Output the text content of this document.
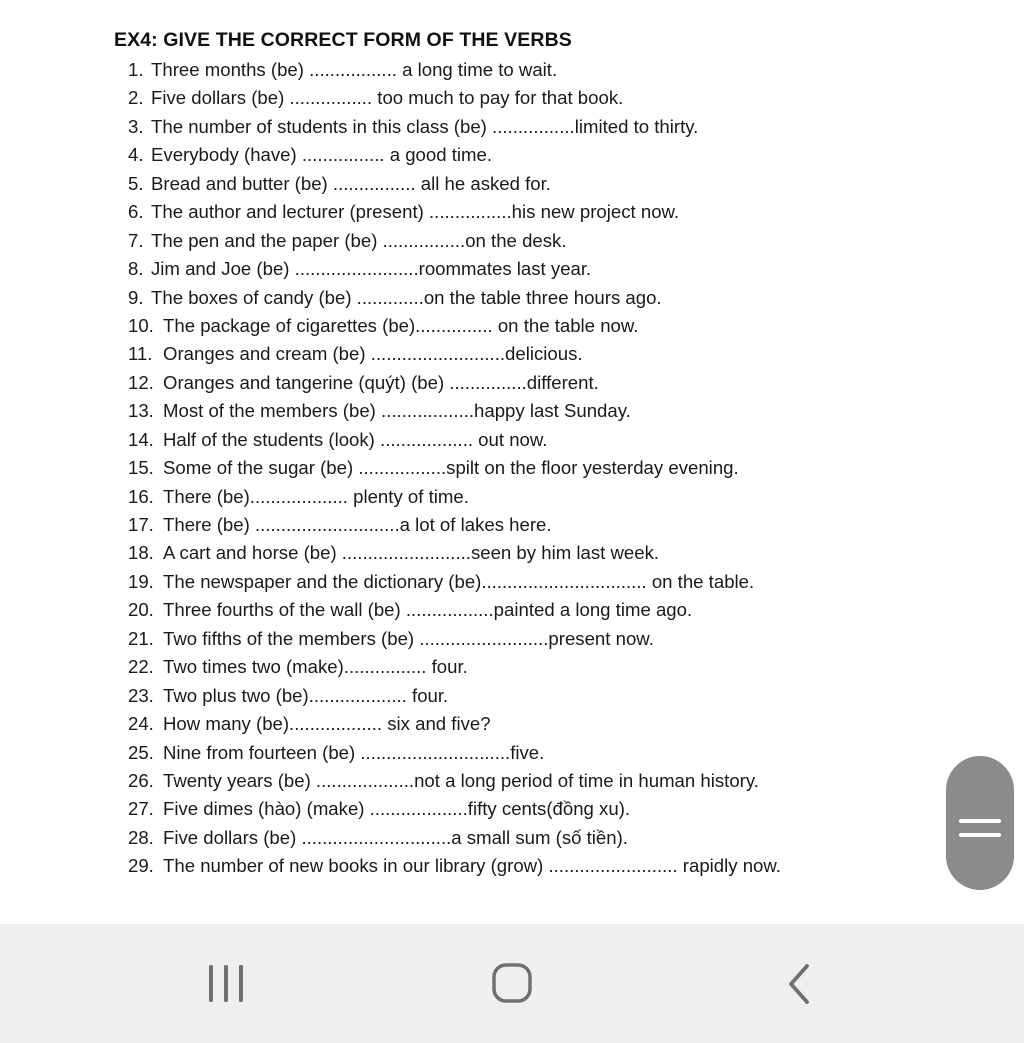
EX4: GIVE THE CORRECT FORM OF THE VERBS
1. Three months (be) ................. a long time to wait.
2. Five dollars (be) ................ too much to pay for that book.
3. The number of students in this class (be) ................limited to thirty.
4. Everybody (have) ................ a good time.
5. Bread and butter (be) ................ all he asked for.
6. The author and lecturer (present) ................his new project now.
7. The pen and the paper (be) ................on the desk.
8. Jim and Joe (be) ........................roommates last year.
9. The boxes of candy (be) .............on the table three hours ago.
10. The package of cigarettes (be)............... on the table now.
11. Oranges and cream (be) ..........................delicious.
12. Oranges and tangerine (quýt) (be) ...............different.
13. Most of the members (be) ..................happy last Sunday.
14. Half of the students (look) .................. out now.
15. Some of the sugar (be) .................spilt on the floor yesterday evening.
16. There (be)................... plenty of time.
17. There (be) ............................a lot of lakes here.
18. A cart and horse (be) .........................seen by him last week.
19. The newspaper and the dictionary (be)................................ on the table.
20. Three fourths of the wall (be) .................painted a long time ago.
21. Two fifths of the members (be) .........................present now.
22. Two times two (make)................ four.
23. Two plus two (be)................... four.
24. How many (be).................. six and five?
25. Nine from fourteen (be) .............................five.
26. Twenty years (be) ...................not a long period of time in human history.
27. Five dimes (hào) (make) ...................fifty cents(đồng xu).
28. Five dollars (be) .............................a small sum (số tiền).
29. The number of new books in our library (grow) ......................... rapidly now.
